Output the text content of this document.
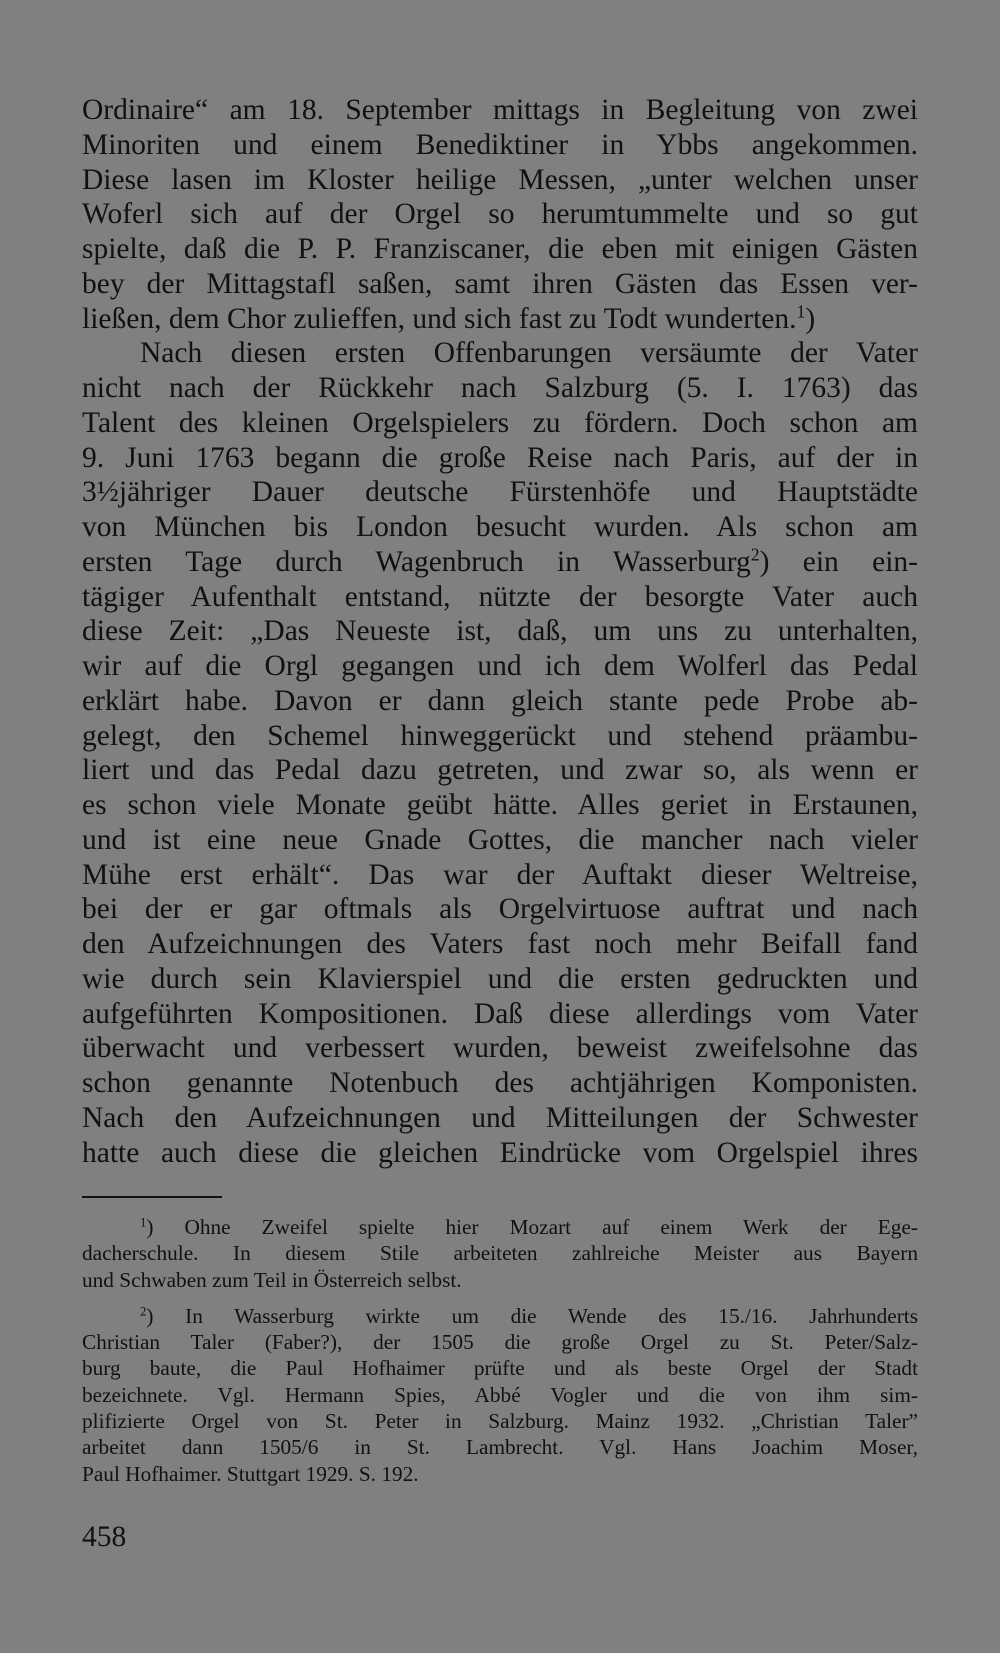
Ordinaire“ am 18. September mittags in Begleitung von zwei
Minoriten und einem Benediktiner in Ybbs angekommen.
Diese lasen im Kloster heilige Messen, „unter welchen unser
Woferl sich auf der Orgel so herumtummelte und so gut
spielte, daß die P. P. Franziscaner, die eben mit einigen Gästen
bey der Mittagstafl saßen, samt ihren Gästen das Essen ver-
ließen, dem Chor zulieffen, und sich fast zu Todt wunderten.$^1$)
Nach diesen ersten Offenbarungen versäumte der Vater
nicht nach der Rückkehr nach Salzburg (5. I. 1763) das
Talent des kleinen Orgelspielers zu fördern. Doch schon am
9. Juni 1763 begann die große Reise nach Paris, auf der in
3½jähriger Dauer deutsche Fürstenhöfe und Hauptstädte
von München bis London besucht wurden. Als schon am
ersten Tage durch Wagenbruch in Wasserburg$^2$) ein ein-
tägiger Aufenthalt entstand, nützte der besorgte Vater auch
diese Zeit: „Das Neueste ist, daß, um uns zu unterhalten,
wir auf die Orgl gegangen und ich dem Wolferl das Pedal
erklärt habe. Davon er dann gleich stante pede Probe ab-
gelegt, den Schemel hinweggerückt und stehend präambu-
liert und das Pedal dazu getreten, und zwar so, als wenn er
es schon viele Monate geübt hätte. Alles geriet in Erstaunen,
und ist eine neue Gnade Gottes, die mancher nach vieler
Mühe erst erhält“. Das war der Auftakt dieser Weltreise,
bei der er gar oftmals als Orgelvirtuose auftrat und nach
den Aufzeichnungen des Vaters fast noch mehr Beifall fand
wie durch sein Klavierspiel und die ersten gedruckten und
aufgeführten Kompositionen. Daß diese allerdings vom Vater
überwacht und verbessert wurden, beweist zweifelsohne das
schon genannte Notenbuch des achtjährigen Komponisten.
Nach den Aufzeichnungen und Mitteilungen der Schwester
hatte auch diese die gleichen Eindrücke vom Orgelspiel ihres
$^1$) Ohne Zweifel spielte hier Mozart auf einem Werk der Ege-
dacherschule. In diesem Stile arbeiteten zahlreiche Meister aus Bayern
und Schwaben zum Teil in Österreich selbst.
$^2$) In Wasserburg wirkte um die Wende des 15./16. Jahrhunderts
Christian Taler (Faber?), der 1505 die große Orgel zu St. Peter/Salz-
burg baute, die Paul Hofhaimer prüfte und als beste Orgel der Stadt
bezeichnete. Vgl. Hermann Spies, Abbé Vogler und die von ihm sim-
plifizierte Orgel von St. Peter in Salzburg. Mainz 1932. „Christian Taler”
arbeitet dann 1505/6 in St. Lambrecht. Vgl. Hans Joachim Moser,
Paul Hofhaimer. Stuttgart 1929. S. 192.
458
